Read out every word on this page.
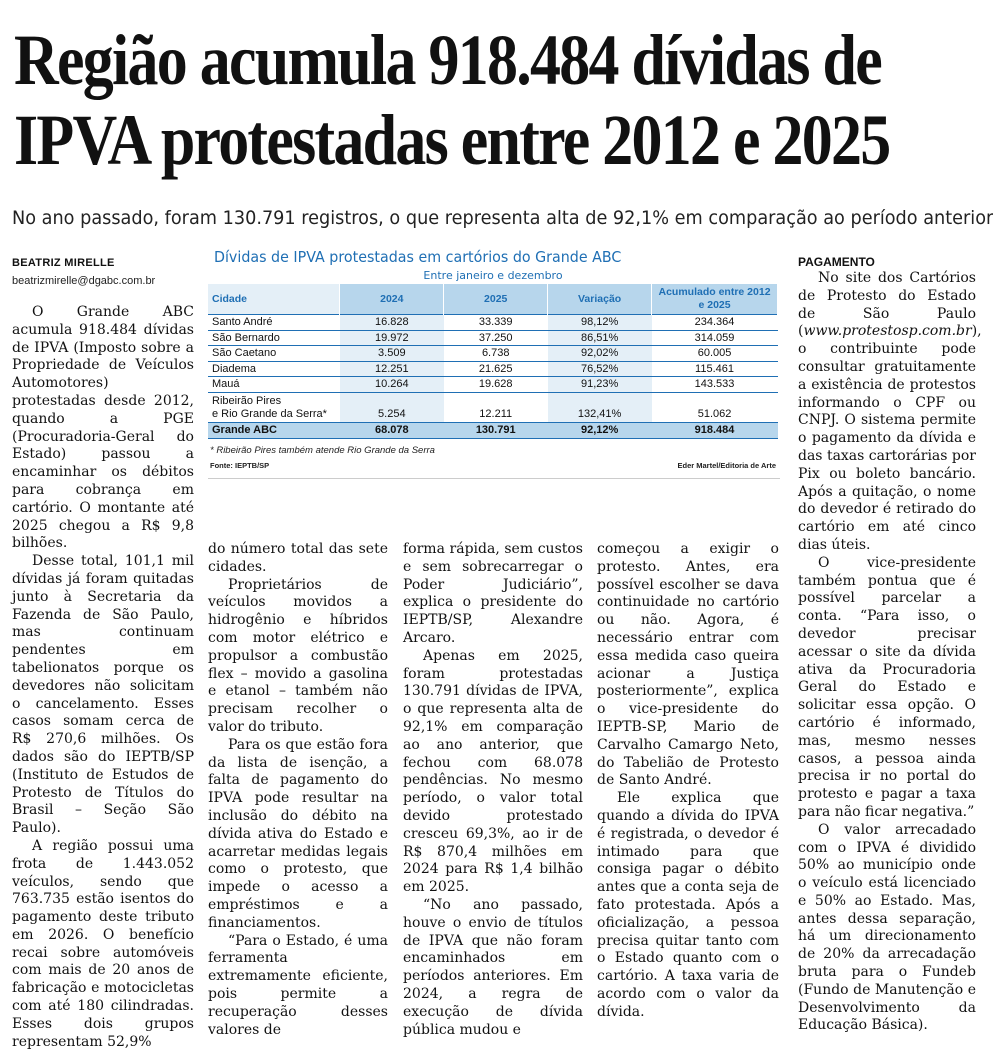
Região acumula 918.484 dívidas de
IPVA protestadas entre 2012 e 2025
No ano passado, foram 130.791 registros, o que representa alta de 92,1% em comparação ao período anterior
BEATRIZ MIRELLE
beatrizmirelle@dgabc.com.br
Dívidas de IPVA protestadas em cartórios do Grande ABC
Entre janeiro e dezembro
Cidade	2024	2025	Variação	Acumulado entre 2012 e 2025
Santo André	16.828	33.339	98,12%	234.364
São Bernardo	19.972	37.250	86,51%	314.059
São Caetano	3.509	6.738	92,02%	60.005
Diadema	12.251	21.625	76,52%	115.461
Mauá	10.264	19.628	91,23%	143.533

Ribeirão Pires
e Rio Grande da Serra*	5.254	12.211	132,41%	51.062
Grande ABC	68.078	130.791	92,12%	918.484
* Ribeirão Pires também atende Rio Grande da Serra
Fonte: IEPTB/SP	Eder Martel/Editoria de Arte

O Grande ABC acumula 918.484 dívidas de IPVA (Imposto sobre a Propriedade de Veículos Automotores) protestadas desde 2012, quando a PGE (Procuradoria-Geral do Estado) passou a encaminhar os débitos para cobrança em cartório. O montante até 2025 chegou a R$ 9,8 bilhões.

Desse total, 101,1 mil dívidas já foram quitadas junto à Secretaria da Fazenda de São Paulo, mas continuam pendentes em tabelionatos porque os devedores não solicitam o cancelamento. Esses casos somam cerca de R$ 270,6 milhões. Os dados são do IEPTB/SP (Instituto de Estudos de Protesto de Títulos do Brasil – Seção São Paulo).

A região possui uma frota de 1.443.052 veículos, sendo que 763.735 estão isentos do pagamento deste tributo em 2026. O benefício recai sobre automóveis com mais de 20 anos de fabricação e motocicletas com até 180 cilindradas. Esses dois grupos representam 52,9%

do número total das sete cidades.

Proprietários de veículos movidos a hidrogênio e híbridos com motor elétrico e propulsor a combustão flex – movido a gasolina e etanol – também não precisam recolher o valor do tributo.

Para os que estão fora da lista de isenção, a falta de pagamento do IPVA pode resultar na inclusão do débito na dívida ativa do Estado e acarretar medidas legais como o protesto, que impede o acesso a empréstimos e a financiamentos.

“Para o Estado, é uma ferramenta extremamente eficiente, pois permite a recuperação desses valores de

forma rápida, sem custos e sem sobrecarregar o Poder Judiciário”, explica o presidente do IEPTB/SP, Alexandre Arcaro.

Apenas em 2025, foram protestadas 130.791 dívidas de IPVA, o que representa alta de 92,1% em comparação ao ano anterior, que fechou com 68.078 pendências. No mesmo período, o valor total devido protestado cresceu 69,3%, ao ir de R$ 870,4 milhões em 2024 para R$ 1,4 bilhão em 2025.

“No ano passado, houve o envio de títulos de IPVA que não foram encaminhados em períodos anteriores. Em 2024, a regra de execução de dívida pública mudou e

começou a exigir o protesto. Antes, era possível escolher se dava continuidade no cartório ou não. Agora, é necessário entrar com essa medida caso queira acionar a Justiça posteriormente”, explica o vice-presidente do IEPTB-SP, Mario de Carvalho Camargo Neto, do Tabelião de Protesto de Santo André.

Ele explica que quando a dívida do IPVA é registrada, o devedor é intimado para que consiga pagar o débito antes que a conta seja de fato protestada. Após a oficialização, a pessoa precisa quitar tanto com o Estado quanto com o cartório. A taxa varia de acordo com o valor da dívida.

PAGAMENTO

No site dos Cartórios de Protesto do Estado de São Paulo (www.protestosp.com.br), o contribuinte pode consultar gratuitamente a existência de protestos informando o CPF ou CNPJ. O sistema permite o pagamento da dívida e das taxas cartorárias por Pix ou boleto bancário. Após a quitação, o nome do devedor é retirado do cartório em até cinco dias úteis.

O vice-presidente também pontua que é possível parcelar a conta. “Para isso, o devedor precisar acessar o site da dívida ativa da Procuradoria Geral do Estado e solicitar essa opção. O cartório é informado, mas, mesmo nesses casos, a pessoa ainda precisa ir no portal do protesto e pagar a taxa para não ficar negativa.”

O valor arrecadado com o IPVA é dividido 50% ao município onde o veículo está licenciado e 50% ao Estado. Mas, antes dessa separação, há um direcionamento de 20% da arrecadação bruta para o Fundeb (Fundo de Manutenção e Desenvolvimento da Educação Básica).
